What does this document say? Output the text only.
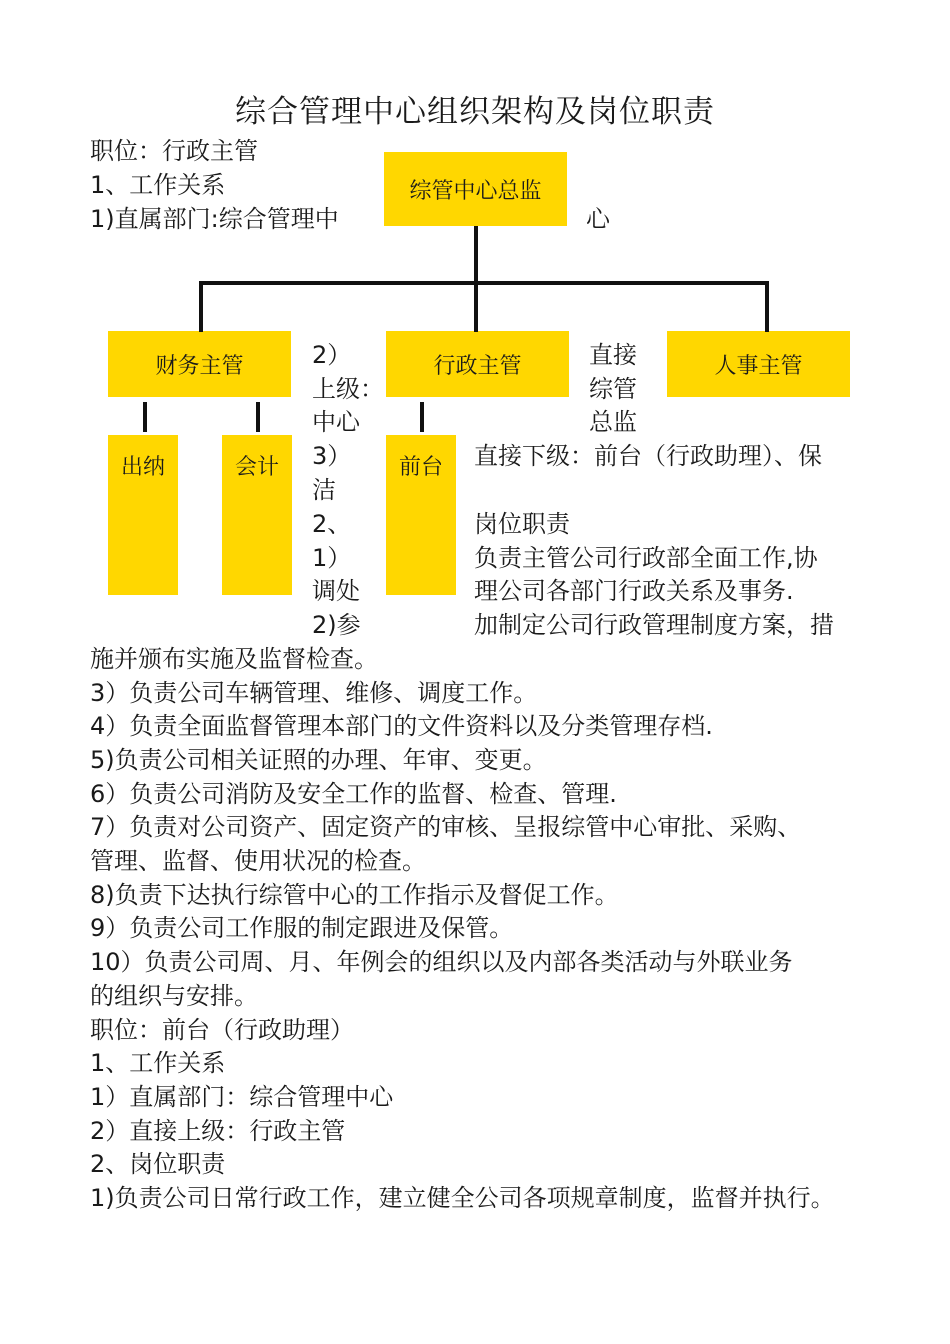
综合管理中心组织架构及岗位职责
职位：行政主管
1、工作关系
1)直属部门:综合管理中	心
综管中心总监
财务主管	行政主管	人事主管
出纳	会计	前台
2）
上级：
中心
3）
洁
2、
1）
调处
2)参
直接
综管
总监
直接下级：前台（行政助理）、保
岗位职责
负责主管公司行政部全面工作,协
理公司各部门行政关系及事务.
加制定公司行政管理制度方案，措
施并颁布实施及监督检查。
3）负责公司车辆管理、维修、调度工作。
4）负责全面监督管理本部门的文件资料以及分类管理存档.
5)负责公司相关证照的办理、年审、变更。
6）负责公司消防及安全工作的监督、检查、管理.
7）负责对公司资产、固定资产的审核、呈报综管中心审批、采购、
管理、监督、使用状况的检查。
8)负责下达执行综管中心的工作指示及督促工作。
9）负责公司工作服的制定跟进及保管。
10）负责公司周、月、年例会的组织以及内部各类活动与外联业务
的组织与安排。
职位：前台（行政助理）
1、工作关系
1）直属部门：综合管理中心
2）直接上级：行政主管
2、岗位职责
1)负责公司日常行政工作，建立健全公司各项规章制度，监督并执行。
